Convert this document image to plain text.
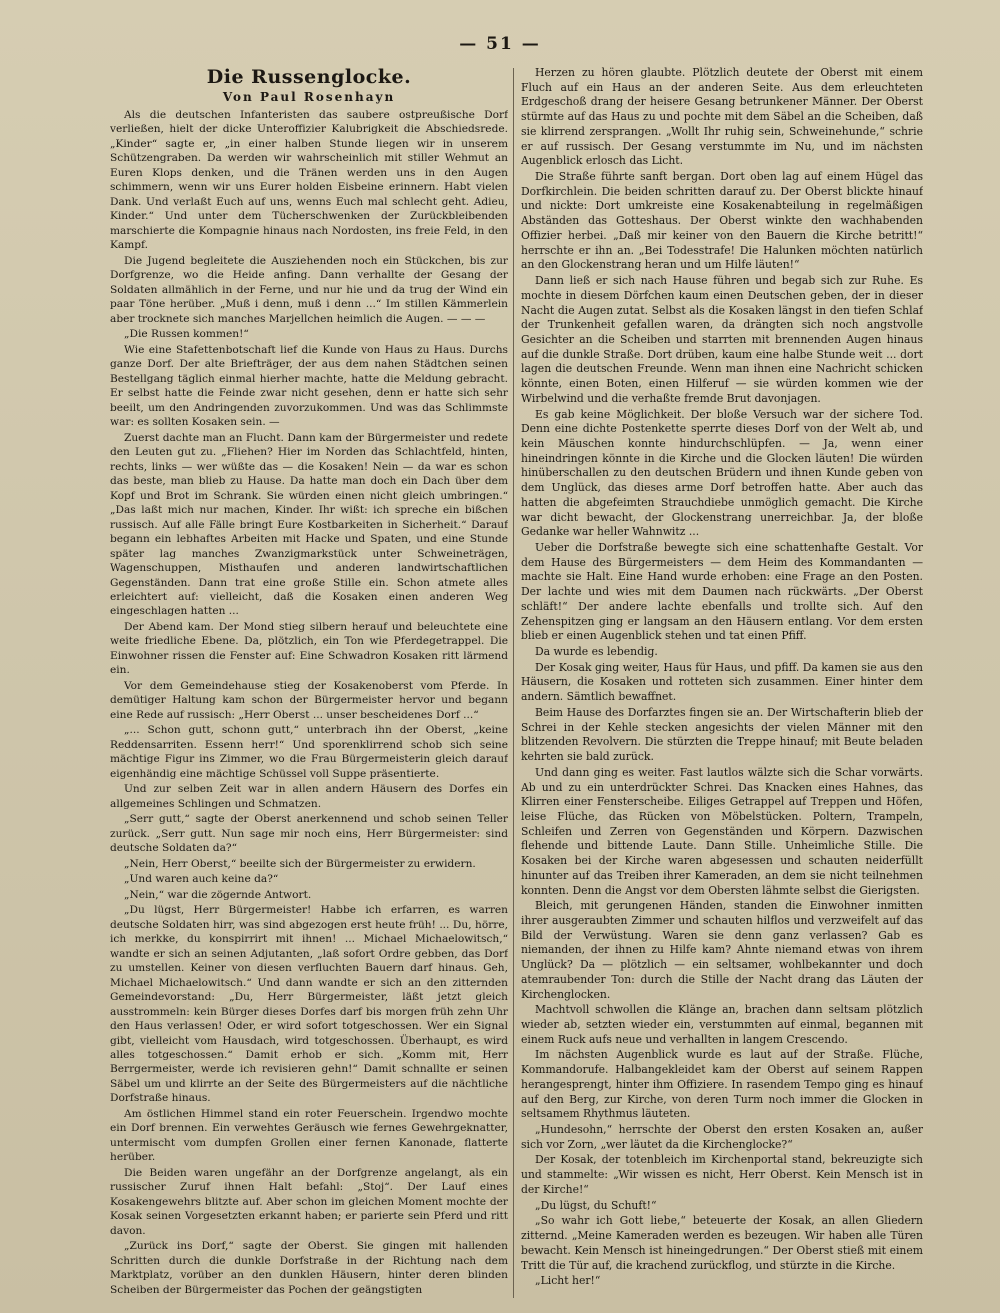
— 51 —
Die Russenglocke.
Von Paul Rosenhayn

Als die deutschen Infanteristen das saubere ostpreußische Dorf verließen, hielt der dicke Unteroffizier Kalubrigkeit die Abschiedsrede. „Kinder“ sagte er, „in einer halben Stunde liegen wir in unserem Schützengraben. Da werden wir wahrscheinlich mit stiller Wehmut an Euren Klops denken, und die Tränen werden uns in den Augen schimmern, wenn wir uns Eurer holden Eisbeine erinnern. Habt vielen Dank. Und verlaßt Euch auf uns, wenns Euch mal schlecht geht. Adieu, Kinder.“ Und unter dem Tücherschwenken der Zurückbleibenden marschierte die Kompagnie hinaus nach Nordosten, ins freie Feld, in den Kampf.

Die Jugend begleitete die Ausziehenden noch ein Stückchen, bis zur Dorfgrenze, wo die Heide anfing. Dann verhallte der Gesang der Soldaten allmählich in der Ferne, und nur hie und da trug der Wind ein paar Töne herüber. „Muß i denn, muß i denn ...“ Im stillen Kämmerlein aber trocknete sich manches Marjellchen heimlich die Augen. — — —

„Die Russen kommen!“

Wie eine Stafettenbotschaft lief die Kunde von Haus zu Haus. Durchs ganze Dorf. Der alte Briefträger, der aus dem nahen Städtchen seinen Bestellgang täglich einmal hierher machte, hatte die Meldung gebracht. Er selbst hatte die Feinde zwar nicht gesehen, denn er hatte sich sehr beeilt, um den Andringenden zuvorzukommen. Und was das Schlimmste war: es sollten Kosaken sein. —

Zuerst dachte man an Flucht. Dann kam der Bürgermeister und redete den Leuten gut zu. „Fliehen? Hier im Norden das Schlachtfeld, hinten, rechts, links — wer wüßte das — die Kosaken! Nein — da war es schon das beste, man blieb zu Hause. Da hatte man doch ein Dach über dem Kopf und Brot im Schrank. Sie würden einen nicht gleich umbringen.“ „Das laßt mich nur machen, Kinder. Ihr wißt: ich spreche ein bißchen russisch. Auf alle Fälle bringt Eure Kostbarkeiten in Sicherheit.“ Darauf begann ein lebhaftes Arbeiten mit Hacke und Spaten, und eine Stunde später lag manches Zwanzigmarkstück unter Schweineträgen, Wagenschuppen, Misthaufen und anderen landwirtschaftlichen Gegenständen. Dann trat eine große Stille ein. Schon atmete alles erleichtert auf: vielleicht, daß die Kosaken einen anderen Weg eingeschlagen hatten ...

Der Abend kam. Der Mond stieg silbern herauf und beleuchtete eine weite friedliche Ebene. Da, plötzlich, ein Ton wie Pferdegetrappel. Die Einwohner rissen die Fenster auf: Eine Schwadron Kosaken ritt lärmend ein.

Vor dem Gemeindehause stieg der Kosakenoberst vom Pferde. In demütiger Haltung kam schon der Bürgermeister hervor und begann eine Rede auf russisch: „Herr Oberst ... unser bescheidenes Dorf ...“

„... Schon gutt, schonn gutt,“ unterbrach ihn der Oberst, „keine Reddensarriten. Essenn herr!“ Und sporenklirrend schob sich seine mächtige Figur ins Zimmer, wo die Frau Bürgermeisterin gleich darauf eigenhändig eine mächtige Schüssel voll Suppe präsentierte.

Und zur selben Zeit war in allen andern Häusern des Dorfes ein allgemeines Schlingen und Schmatzen.

„Serr gutt,“ sagte der Oberst anerkennend und schob seinen Teller zurück. „Serr gutt. Nun sage mir noch eins, Herr Bürgermeister: sind deutsche Soldaten da?“

„Nein, Herr Oberst,“ beeilte sich der Bürgermeister zu erwidern.

„Und waren auch keine da?“

„Nein,“ war die zögernde Antwort.

„Du lügst, Herr Bürgermeister! Habbe ich erfarren, es warren deutsche Soldaten hirr, was sind abgezogen erst heute früh! ... Du, hörre, ich merkke, du konspirrirt mit ihnen! ... Michael Michaelowitsch,“ wandte er sich an seinen Adjutanten, „laß sofort Ordre gebben, das Dorf zu umstellen. Keiner von diesen verfluchten Bauern darf hinaus. Geh, Michael Michaelowitsch.“ Und dann wandte er sich an den zitternden Gemeindevorstand: „Du, Herr Bürgermeister, läßt jetzt gleich ausstrommeln: kein Bürger dieses Dorfes darf bis morgen früh zehn Uhr den Haus verlassen! Oder, er wird sofort totgeschossen. Wer ein Signal gibt, vielleicht vom Hausdach, wird totgeschossen. Überhaupt, es wird alles totgeschossen.“ Damit erhob er sich. „Komm mit, Herr Berrgermeister, werde ich revisieren gehn!“ Damit schnallte er seinen Säbel um und klirrte an der Seite des Bürgermeisters auf die nächtliche Dorfstraße hinaus.

Am östlichen Himmel stand ein roter Feuerschein. Irgendwo mochte ein Dorf brennen. Ein verwehtes Geräusch wie fernes Gewehrgeknatter, untermischt vom dumpfen Grollen einer fernen Kanonade, flatterte herüber.

Die Beiden waren ungefähr an der Dorfgrenze angelangt, als ein russischer Zuruf ihnen Halt befahl: „Stoj“. Der Lauf eines Kosakengewehrs blitzte auf. Aber schon im gleichen Moment mochte der Kosak seinen Vorgesetzten erkannt haben; er parierte sein Pferd und ritt davon.

„Zurück ins Dorf,“ sagte der Oberst. Sie gingen mit hallenden Schritten durch die dunkle Dorfstraße in der Richtung nach dem Marktplatz, vorüber an den dunklen Häusern, hinter deren blinden Scheiben der Bürgermeister das Pochen der geängstigten

Herzen zu hören glaubte. Plötzlich deutete der Oberst mit einem Fluch auf ein Haus an der anderen Seite. Aus dem erleuchteten Erdgeschoß drang der heisere Gesang betrunkener Männer. Der Oberst stürmte auf das Haus zu und pochte mit dem Säbel an die Scheiben, daß sie klirrend zersprangen. „Wollt Ihr ruhig sein, Schweinehunde,“ schrie er auf russisch. Der Gesang verstummte im Nu, und im nächsten Augenblick erlosch das Licht.

Die Straße führte sanft bergan. Dort oben lag auf einem Hügel das Dorfkirchlein. Die beiden schritten darauf zu. Der Oberst blickte hinauf und nickte: Dort umkreiste eine Kosakenabteilung in regelmäßigen Abständen das Gotteshaus. Der Oberst winkte den wachhabenden Offizier herbei. „Daß mir keiner von den Bauern die Kirche betritt!“ herrschte er ihn an. „Bei Todesstrafe! Die Halunken möchten natürlich an den Glockenstrang heran und um Hilfe läuten!“

Dann ließ er sich nach Hause führen und begab sich zur Ruhe. Es mochte in diesem Dörfchen kaum einen Deutschen geben, der in dieser Nacht die Augen zutat. Selbst als die Kosaken längst in den tiefen Schlaf der Trunkenheit gefallen waren, da drängten sich noch angstvolle Gesichter an die Scheiben und starrten mit brennenden Augen hinaus auf die dunkle Straße. Dort drüben, kaum eine halbe Stunde weit ... dort lagen die deutschen Freunde. Wenn man ihnen eine Nachricht schicken könnte, einen Boten, einen Hilferuf — sie würden kommen wie der Wirbelwind und die verhaßte fremde Brut davonjagen.

Es gab keine Möglichkeit. Der bloße Versuch war der sichere Tod. Denn eine dichte Postenkette sperrte dieses Dorf von der Welt ab, und kein Mäuschen konnte hindurchschlüpfen. — Ja, wenn einer hineindringen könnte in die Kirche und die Glocken läuten! Die würden hinüberschallen zu den deutschen Brüdern und ihnen Kunde geben von dem Unglück, das dieses arme Dorf betroffen hatte. Aber auch das hatten die abgefeimten Strauchdiebe unmöglich gemacht. Die Kirche war dicht bewacht, der Glockenstrang unerreichbar. Ja, der bloße Gedanke war heller Wahnwitz ...

Ueber die Dorfstraße bewegte sich eine schattenhafte Gestalt. Vor dem Hause des Bürgermeisters — dem Heim des Kommandanten — machte sie Halt. Eine Hand wurde erhoben: eine Frage an den Posten. Der lachte und wies mit dem Daumen nach rückwärts. „Der Oberst schläft!“ Der andere lachte ebenfalls und trollte sich. Auf den Zehenspitzen ging er langsam an den Häusern entlang. Vor dem ersten blieb er einen Augenblick stehen und tat einen Pfiff.

Da wurde es lebendig.

Der Kosak ging weiter, Haus für Haus, und pfiff. Da kamen sie aus den Häusern, die Kosaken und rotteten sich zusammen. Einer hinter dem andern. Sämtlich bewaffnet.

Beim Hause des Dorfarztes fingen sie an. Der Wirtschafterin blieb der Schrei in der Kehle stecken angesichts der vielen Männer mit den blitzenden Revolvern. Die stürzten die Treppe hinauf; mit Beute beladen kehrten sie bald zurück.

Und dann ging es weiter. Fast lautlos wälzte sich die Schar vorwärts. Ab und zu ein unterdrückter Schrei. Das Knacken eines Hahnes, das Klirren einer Fensterscheibe. Eiliges Getrappel auf Treppen und Höfen, leise Flüche, das Rücken von Möbelstücken. Poltern, Trampeln, Schleifen und Zerren von Gegenständen und Körpern. Dazwischen flehende und bittende Laute. Dann Stille. Unheimliche Stille. Die Kosaken bei der Kirche waren abgesessen und schauten neiderfüllt hinunter auf das Treiben ihrer Kameraden, an dem sie nicht teilnehmen konnten. Denn die Angst vor dem Obersten lähmte selbst die Gierigsten.

Bleich, mit gerungenen Händen, standen die Einwohner inmitten ihrer ausgeraubten Zimmer und schauten hilflos und verzweifelt auf das Bild der Verwüstung. Waren sie denn ganz verlassen? Gab es niemanden, der ihnen zu Hilfe kam? Ahnte niemand etwas von ihrem Unglück? Da — plötzlich — ein seltsamer, wohlbekannter und doch atemraubender Ton: durch die Stille der Nacht drang das Läuten der Kirchenglocken.

Machtvoll schwollen die Klänge an, brachen dann seltsam plötzlich wieder ab, setzten wieder ein, verstummten auf einmal, begannen mit einem Ruck aufs neue und verhallten in langem Crescendo.

Im nächsten Augenblick wurde es laut auf der Straße. Flüche, Kommandorufe. Halbangekleidet kam der Oberst auf seinem Rappen herangesprengt, hinter ihm Offiziere. In rasendem Tempo ging es hinauf auf den Berg, zur Kirche, von deren Turm noch immer die Glocken in seltsamem Rhythmus läuteten.

„Hundesohn,“ herrschte der Oberst den ersten Kosaken an, außer sich vor Zorn, „wer läutet da die Kirchenglocke?“

Der Kosak, der totenbleich im Kirchenportal stand, bekreuzigte sich und stammelte: „Wir wissen es nicht, Herr Oberst. Kein Mensch ist in der Kirche!“

„Du lügst, du Schuft!“

„So wahr ich Gott liebe,“ beteuerte der Kosak, an allen Gliedern zitternd. „Meine Kameraden werden es bezeugen. Wir haben alle Türen bewacht. Kein Mensch ist hineingedrungen.“ Der Oberst stieß mit einem Tritt die Tür auf, die krachend zurückflog, und stürzte in die Kirche.

„Licht her!“
